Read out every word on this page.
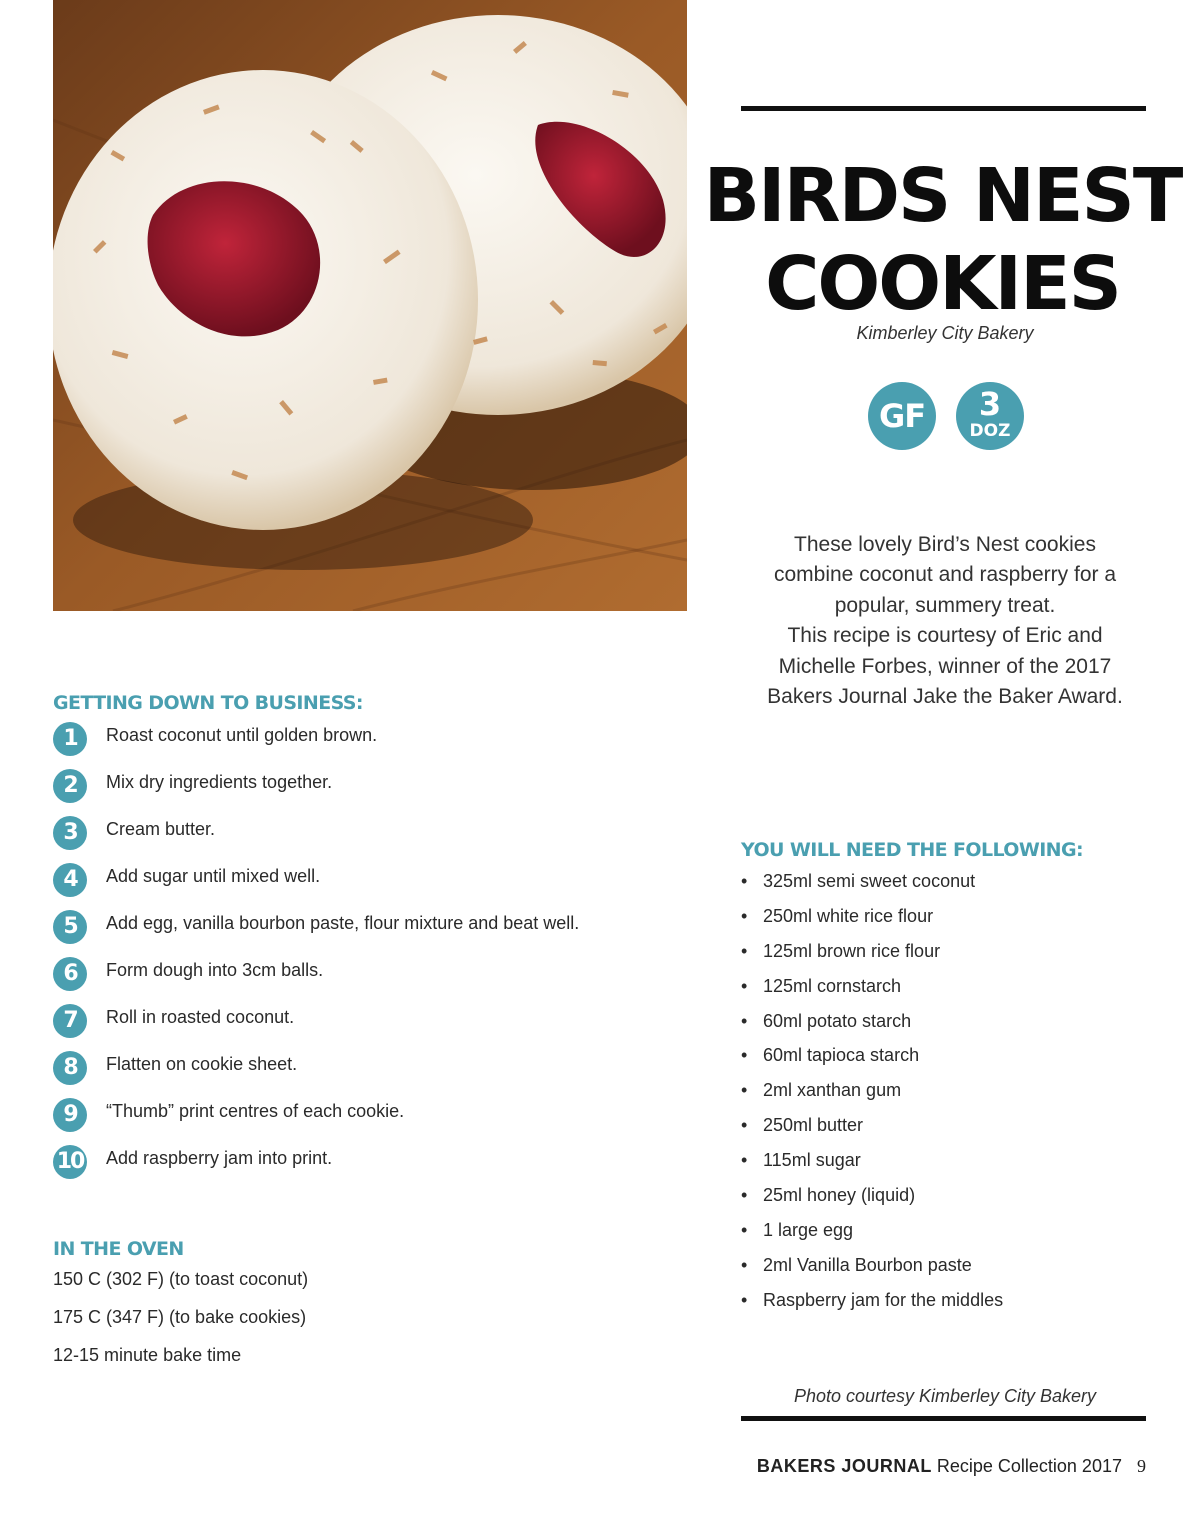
BIRDS NEST
COOKIES
Kimberley City Bakery
GF	3
DOZ
These lovely Bird’s Nest cookies
combine coconut and raspberry for a
popular, summery treat.
This recipe is courtesy of Eric and
Michelle Forbes, winner of the 2017
Bakers Journal Jake the Baker Award.
GETTING DOWN TO BUSINESS:
1	Roast coconut until golden brown.
2	Mix dry ingredients together.
3	Cream butter.
4	Add sugar until mixed well.
5	Add egg, vanilla bourbon paste, flour mixture and beat well.
6	Form dough into 3cm balls.
7	Roll in roasted coconut.
8	Flatten on cookie sheet.
9	“Thumb” print centres of each cookie.
10 Add raspberry jam into print.
IN THE OVEN
150 C (302 F) (to toast coconut)
175 C (347 F) (to bake cookies)
12-15 minute bake time
YOU WILL NEED THE FOLLOWING:
• 325ml semi sweet coconut
• 250ml white rice flour
• 125ml brown rice flour
• 125ml cornstarch
• 60ml potato starch
• 60ml tapioca starch
• 2ml xanthan gum
• 250ml butter
• 115ml sugar
• 25ml honey (liquid)
• 1 large egg
• 2ml Vanilla Bourbon paste
• Raspberry jam for the middles
Photo courtesy Kimberley City Bakery
BAKERS JOURNAL Recipe Collection 2017 9
